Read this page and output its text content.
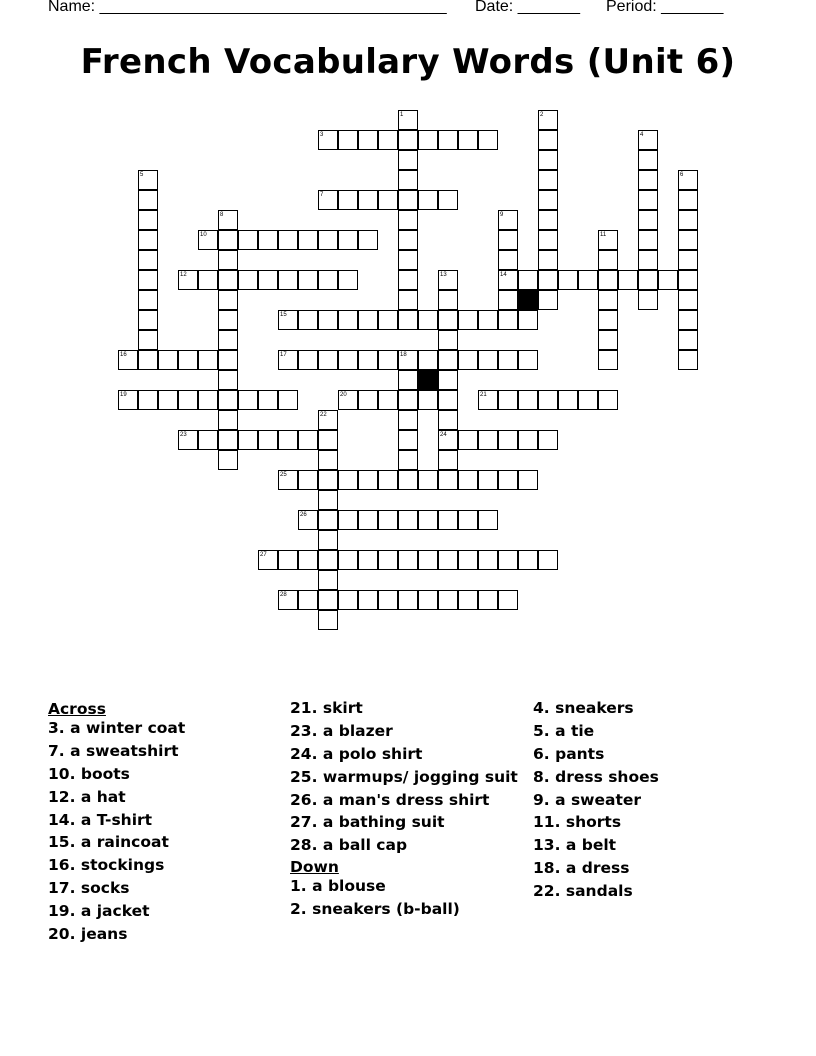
Name: _______________________________________ Date: _______ Period: _______
French Vocabulary Words (Unit 6)
1	2
3	4
5	6
7
8	9
10	11
12	13	14
15
16	17	18
19	20	21
22
23	24
25
26
27
28
Across
3. a winter coat
7. a sweatshirt
10. boots
12. a hat
14. a T-shirt
15. a raincoat
16. stockings
17. socks
19. a jacket
20. jeans
21. skirt
23. a blazer
24. a polo shirt
25. warmups/ jogging suit
26. a man's dress shirt
27. a bathing suit
28. a ball cap
Down
1. a blouse
2. sneakers (b-ball)
4. sneakers
5. a tie
6. pants
8. dress shoes
9. a sweater
11. shorts
13. a belt
18. a dress
22. sandals
